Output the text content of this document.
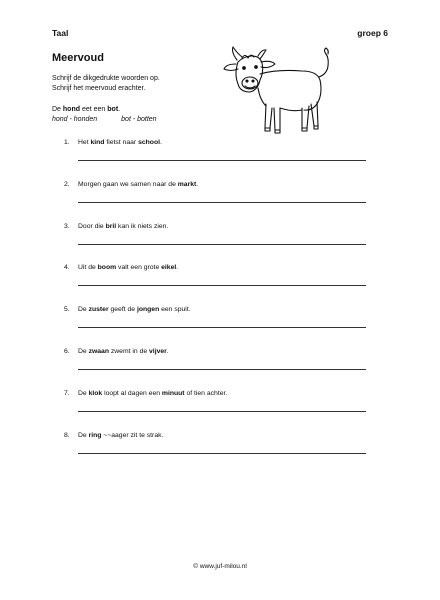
Taal	groep 6
Meervoud
Schrijf de dikgedrukte woorden op.
Schrijf het meervoud erachter.
De hond eet een bot.
hond - honden	bot - botten
1. Het kind fietst naar school.
2. Morgen gaan we samen naar de markt.
3. Door die bril kan ik niets zien.
4. Uit de boom valt een grote eikel.
5. De zuster geeft de jongen een spuit.
6. De zwaan zwemt in de vijver.
7. De klok loopt al dagen een minuut of tien achter.
8. De ring ~~aager zit te strak.
© www.juf-milou.nl
